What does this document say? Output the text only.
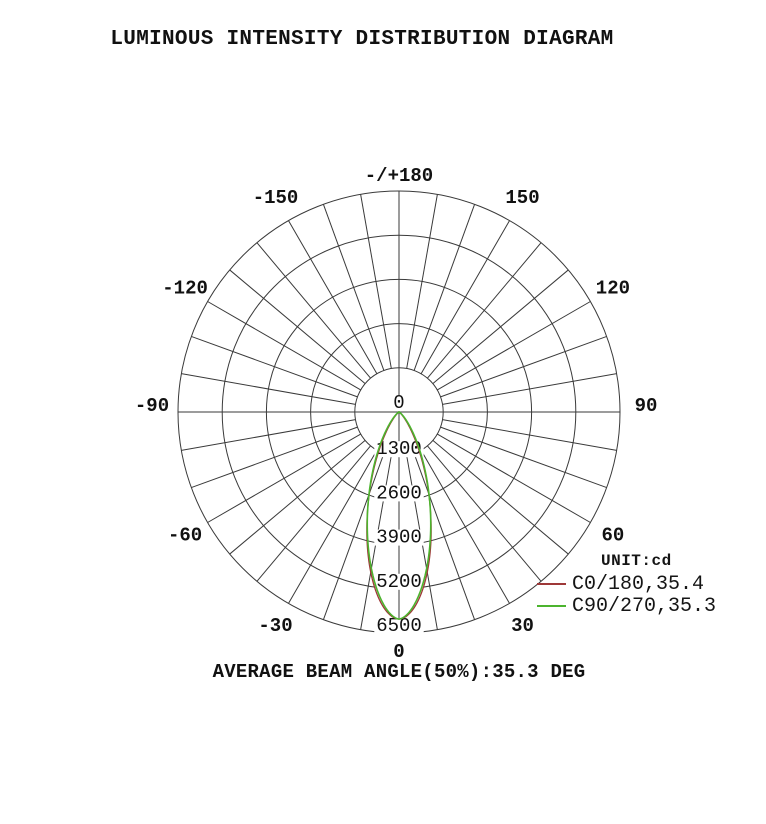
LUMINOUS INTENSITY DISTRIBUTION DIAGRAM
0
1300
2600
3900
5200
6500
-/+180
-150
-120
-90
-60
-30
0
30
60
90
120
150
UNIT:cd
C0/180,35.4
C90/270,35.3
AVERAGE BEAM ANGLE(50%):35.3 DEG
